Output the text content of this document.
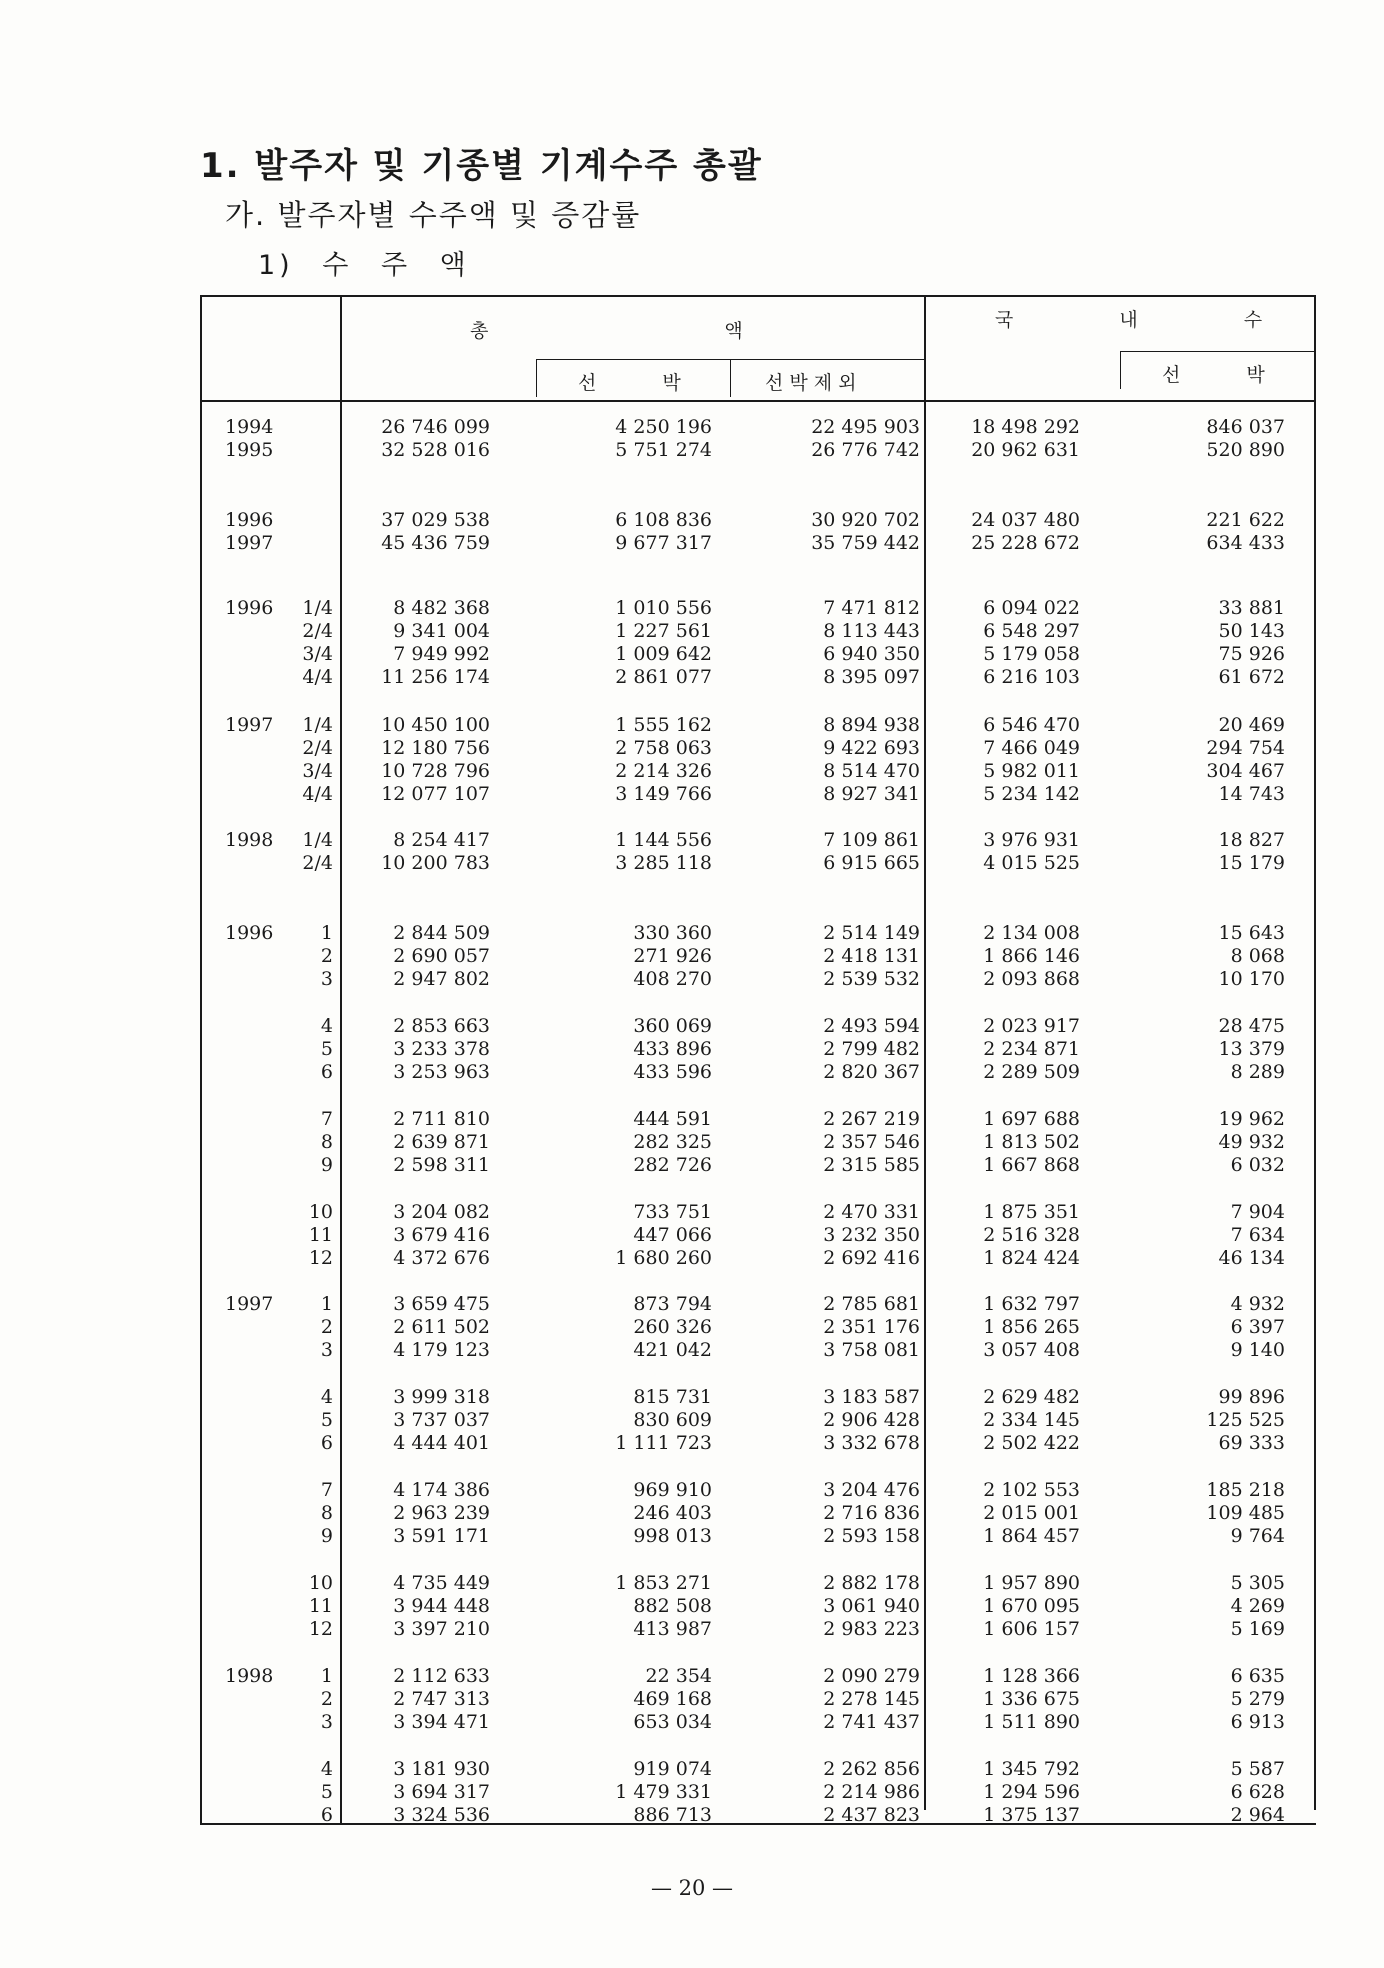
1. 발주자 및 기종별 기계수주 총괄
가. 발주자별 수주액 및 증감률
1) 수 주 액
총 액	국 내 수
선 박	선 박 제 외	선 박
1994	26 746 099	4 250 196	22 495 903	18 498 292	846 037
1995	32 528 016	5 751 274	26 776 742	20 962 631	520 890
1996	37 029 538	6 108 836	30 920 702	24 037 480	221 622
1997	45 436 759	9 677 317	35 759 442	25 228 672	634 433
1996 1/4	8 482 368	1 010 556	7 471 812	6 094 022	33 881
2/4	9 341 004	1 227 561	8 113 443	6 548 297	50 143
3/4	7 949 992	1 009 642	6 940 350	5 179 058	75 926
4/4	11 256 174	2 861 077	8 395 097	6 216 103	61 672
1997 1/4	10 450 100	1 555 162	8 894 938	6 546 470	20 469
2/4	12 180 756	2 758 063	9 422 693	7 466 049	294 754
3/4	10 728 796	2 214 326	8 514 470	5 982 011	304 467
4/4	12 077 107	3 149 766	8 927 341	5 234 142	14 743
1998 1/4	8 254 417	1 144 556	7 109 861	3 976 931	18 827
2/4	10 200 783	3 285 118	6 915 665	4 015 525	15 179
1996	1	2 844 509	330 360	2 514 149	2 134 008	15 643
2	2 690 057	271 926	2 418 131	1 866 146	8 068
3	2 947 802	408 270	2 539 532	2 093 868	10 170
4	2 853 663	360 069	2 493 594	2 023 917	28 475
5	3 233 378	433 896	2 799 482	2 234 871	13 379
6	3 253 963	433 596	2 820 367	2 289 509	8 289
7	2 711 810	444 591	2 267 219	1 697 688	19 962
8	2 639 871	282 325	2 357 546	1 813 502	49 932
9	2 598 311	282 726	2 315 585	1 667 868	6 032
10	3 204 082	733 751	2 470 331	1 875 351	7 904
11	3 679 416	447 066	3 232 350	2 516 328	7 634
12	4 372 676	1 680 260	2 692 416	1 824 424	46 134
1997	1	3 659 475	873 794	2 785 681	1 632 797	4 932
2	2 611 502	260 326	2 351 176	1 856 265	6 397
3	4 179 123	421 042	3 758 081	3 057 408	9 140
4	3 999 318	815 731	3 183 587	2 629 482	99 896
5	3 737 037	830 609	2 906 428	2 334 145	125 525
6	4 444 401	1 111 723	3 332 678	2 502 422	69 333
7	4 174 386	969 910	3 204 476	2 102 553	185 218
8	2 963 239	246 403	2 716 836	2 015 001	109 485
9	3 591 171	998 013	2 593 158	1 864 457	9 764
10	4 735 449	1 853 271	2 882 178	1 957 890	5 305
11	3 944 448	882 508	3 061 940	1 670 095	4 269
12	3 397 210	413 987	2 983 223	1 606 157	5 169
1998	1	2 112 633	22 354	2 090 279	1 128 366	6 635
2	2 747 313	469 168	2 278 145	1 336 675	5 279
3	3 394 471	653 034	2 741 437	1 511 890	6 913
4	3 181 930	919 074	2 262 856	1 345 792	5 587
5	3 694 317	1 479 331	2 214 986	1 294 596	6 628
6	3 324 536	886 713	2 437 823	1 375 137	2 964
— 20 —
